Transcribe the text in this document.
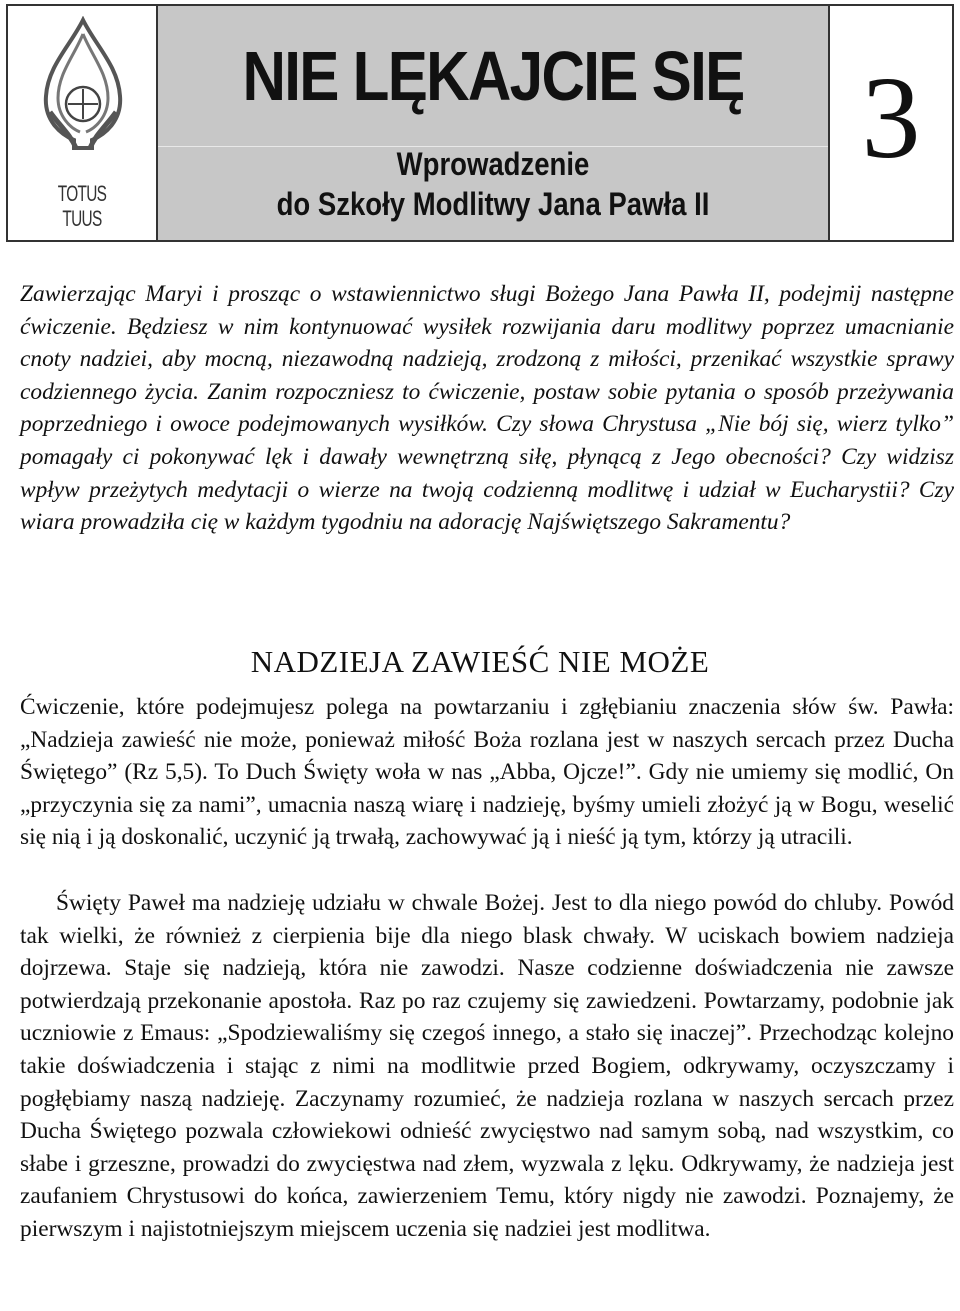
TOTUS
TUUS
NIE LĘKAJCIE SIĘ
Wprowadzenie
do Szkoły Modlitwy Jana Pawła II
3

Zawierzając Maryi i prosząc o wstawiennictwo sługi Bożego Jana Pawła II, podejmij następne ćwiczenie. Będziesz w nim kontynuować wysiłek rozwijania daru modlitwy poprzez umacnianie cnoty nadziei, aby mocną, niezawodną nadzieją, zrodzoną z miłości, przenikać wszystkie sprawy codziennego życia. Zanim rozpoczniesz to ćwiczenie, postaw sobie pytania o sposób przeżywania poprzedniego i owoce podejmowanych wysiłków. Czy słowa Chrystusa „Nie bój się, wierz tylko” pomagały ci pokonywać lęk i dawały wewnętrzną siłę, płynącą z Jego obecności? Czy widzisz wpływ przeżytych medytacji o wierze na twoją codzienną modlitwę i udział w Eucharystii? Czy wiara prowadziła cię w każdym tygodniu na adorację Najświętszego Sakramentu?

NADZIEJA ZAWIEŚĆ NIE MOŻE

Ćwiczenie, które podejmujesz polega na powtarzaniu i zgłębianiu znaczenia słów św. Pawła: „Nadzieja zawieść nie może, ponieważ miłość Boża rozlana jest w naszych sercach przez Ducha Świętego” (Rz 5,5). To Duch Święty woła w nas „Abba, Ojcze!”. Gdy nie umiemy się modlić, On „przyczynia się za nami”, umacnia naszą wiarę i nadzieję, byśmy umieli złożyć ją w Bogu, weselić się nią i ją doskonalić, uczynić ją trwałą, zachowywać ją i nieść ją tym, którzy ją utracili.

Święty Paweł ma nadzieję udziału w chwale Bożej. Jest to dla niego powód do chluby. Powód tak wielki, że również z cierpienia bije dla niego blask chwały. W uciskach bowiem nadzieja dojrzewa. Staje się nadzieją, która nie zawodzi. Nasze codzienne doświadczenia nie zawsze potwierdzają przekonanie apostoła. Raz po raz czujemy się zawiedzeni. Powtarzamy, podobnie jak uczniowie z Emaus: „Spodziewaliśmy się czegoś innego, a stało się inaczej”. Przechodząc kolejno takie doświadczenia i stając z nimi na modlitwie przed Bogiem, odkrywamy, oczyszczamy i pogłębiamy naszą nadzieję. Zaczynamy rozumieć, że nadzieja rozlana w naszych sercach przez Ducha Świętego pozwala człowiekowi odnieść zwycięstwo nad samym sobą, nad wszystkim, co słabe i grzeszne, prowadzi do zwycięstwa nad złem, wyzwala z lęku. Odkrywamy, że nadzieja jest zaufaniem Chrystusowi do końca, zawierzeniem Temu, który nigdy nie zawodzi. Poznajemy, że pierwszym i najistotniejszym miejscem uczenia się nadziei jest modlitwa.
